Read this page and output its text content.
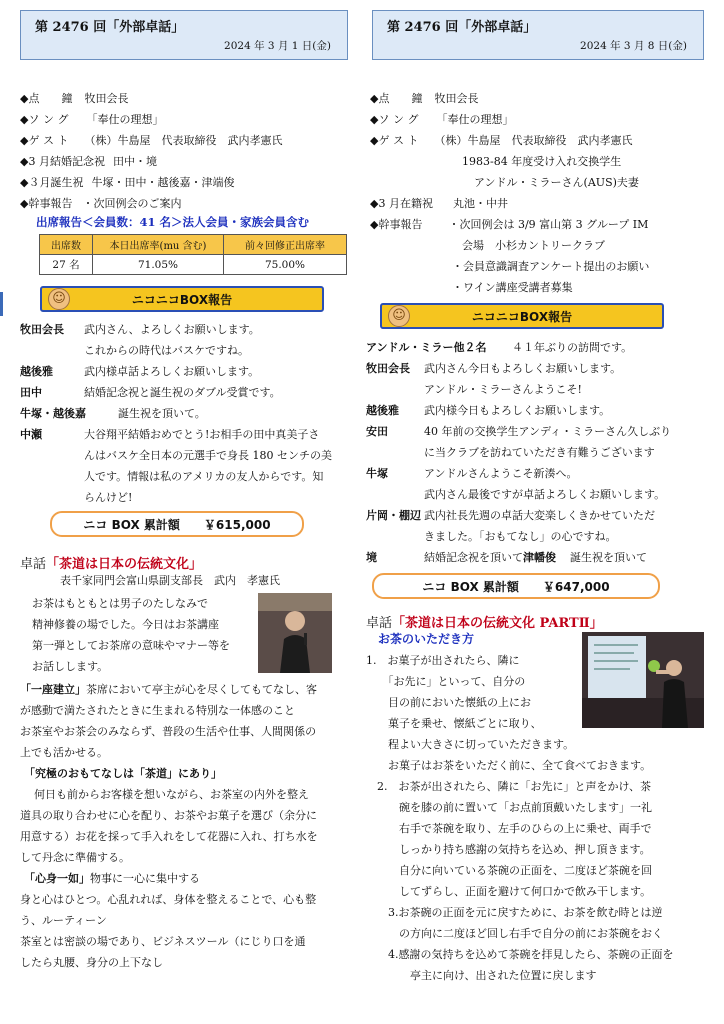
第 2476 回「外部卓話」
2024 年 3 月 1 日(金)
◆点　　鐘 牧田会長
◆ソ ン グ 「奉仕の理想」
◆ゲ ス ト （株）牛島屋　代表取締役　武内孝憲氏
◆3 月結婚記念祝 田中・境
◆３月誕生祝 牛塚・田中・越後嘉・津端俊
◆幹事報告 ・次回例会のご案内
出席報告＜会員数：41 名＞法人会員・家族会員含む
出席数	本日出席率(mu 含む)	前々回修正出席率
27 名	71.05%	75.00%
☺	ニコニコBOX報告
牧田会長 武内さん、よろしくお願いします。
これからの時代はバスケですね。
越後雅	武内様卓話よろしくお願いします。
田中	結婚記念祝と誕生祝のダブル受賞です。
牛塚・越後嘉	誕生祝を頂いて。
中瀬	大谷翔平結婚おめでとう!お相手の田中真美子さ
んはバスケ全日本の元選手で身長 180 センチの美
人です。情報は私のアメリカの友人からです。知
らんけど!
ニコ BOX 累計額　　￥615,000
卓話「茶道は日本の伝統文化」
表千家同門会富山県副支部長　武内　孝憲氏
お茶はもともとは男子のたしなみで
精神修養の場でした。今日はお茶講座
第一弾としてお茶席の意味やマナー等を
お話しします。
「一座建立」茶席において亭主が心を尽くしてもてなし、客
が感動で満たされたときに生まれる特別な一体感のこと
お茶室やお茶会のみならず、普段の生活や仕事、人間関係の
上でも活かせる。
「究極のおもてなしは「茶道」にあり」
何日も前からお客様を想いながら、お茶室の内外を整え
道具の取り合わせに心を配り、お茶やお菓子を選び（余分に
用意する）お花を採って手入れをして花器に入れ、打ち水を
して丹念に準備する。
「心身一如」物事に一心に集中する
身と心はひとつ。心乱れれば、身体を整えることで、心も整
う、ルーティーン
茶室とは密談の場であり、ビジネスツール（にじり口を通
したら丸腰、身分の上下なし
第 2476 回「外部卓話」
2024 年 3 月 8 日(金)
◆点　　鐘 牧田会長
◆ソ ン グ 「奉仕の理想」
◆ゲ ス ト （株）牛島屋　代表取締役　武内孝憲氏
1983-84 年度受け入れ交換学生
アンドル・ミラーさん(AUS)夫妻
◆3 月在籍祝 丸池・中井
◆幹事報告 ・次回例会は 3/9 富山第 3 グループ IM
会場　小杉カントリークラブ
・会員意識調査アンケート提出のお願い
・ワイン講座受講者募集
☺	ニコニコBOX報告
アンドル・ミラー他２名 ４１年ぶりの訪問です。
牧田会長 武内さん今日もよろしくお願いします。
アンドル・ミラーさんようこそ!
越後雅 武内様今日もよろしくお願いします。
安田	40 年前の交換学生アンディ・ミラーさん久しぶり
に当クラブを訪ねていただき有難うございます
牛塚	アンドルさんようこそ新湊へ。
武内さん最後ですが卓話よろしくお願いします。
片岡・棚辺 武内社長先週の卓話大変楽しくきかせていただ
きました。「おもてなし」の心ですね。
境	結婚記念祝を頂いて津幡俊 誕生祝を頂いて
ニコ BOX 累計額　　￥647,000
卓話「茶道は日本の伝統文化 PARTⅡ」
お茶のいただき方
1.　お菓子が出されたら、隣に
　　「お先に」といって、自分の
　　目の前においた懐紙の上にお
　　菓子を乗せ、懐紙ごとに取り、
　　程よい大きさに切っていただきます。
　　お菓子はお茶をいただく前に、全て食べておきます。
　2.　お茶が出されたら、隣に「お先に」と声をかけ、茶
　　　碗を膝の前に置いて「お点前頂戴いたします」一礼
　　　右手で茶碗を取り、左手のひらの上に乗せ、両手で
　　　しっかり持ち感謝の気持ちを込め、押し頂きます。
　　　自分に向いている茶碗の正面を、二度ほど茶碗を回
　　　してずらし、正面を避けて何口かで飲み干します。
　　3.お茶碗の正面を元に戻すために、お茶を飲む時とは逆
　　　の方向に二度ほど回し右手で自分の前にお茶碗をおく
　　4.感謝の気持ちを込めて茶碗を拝見したら、茶碗の正面を
　　　　亭主に向け、出された位置に戻します
